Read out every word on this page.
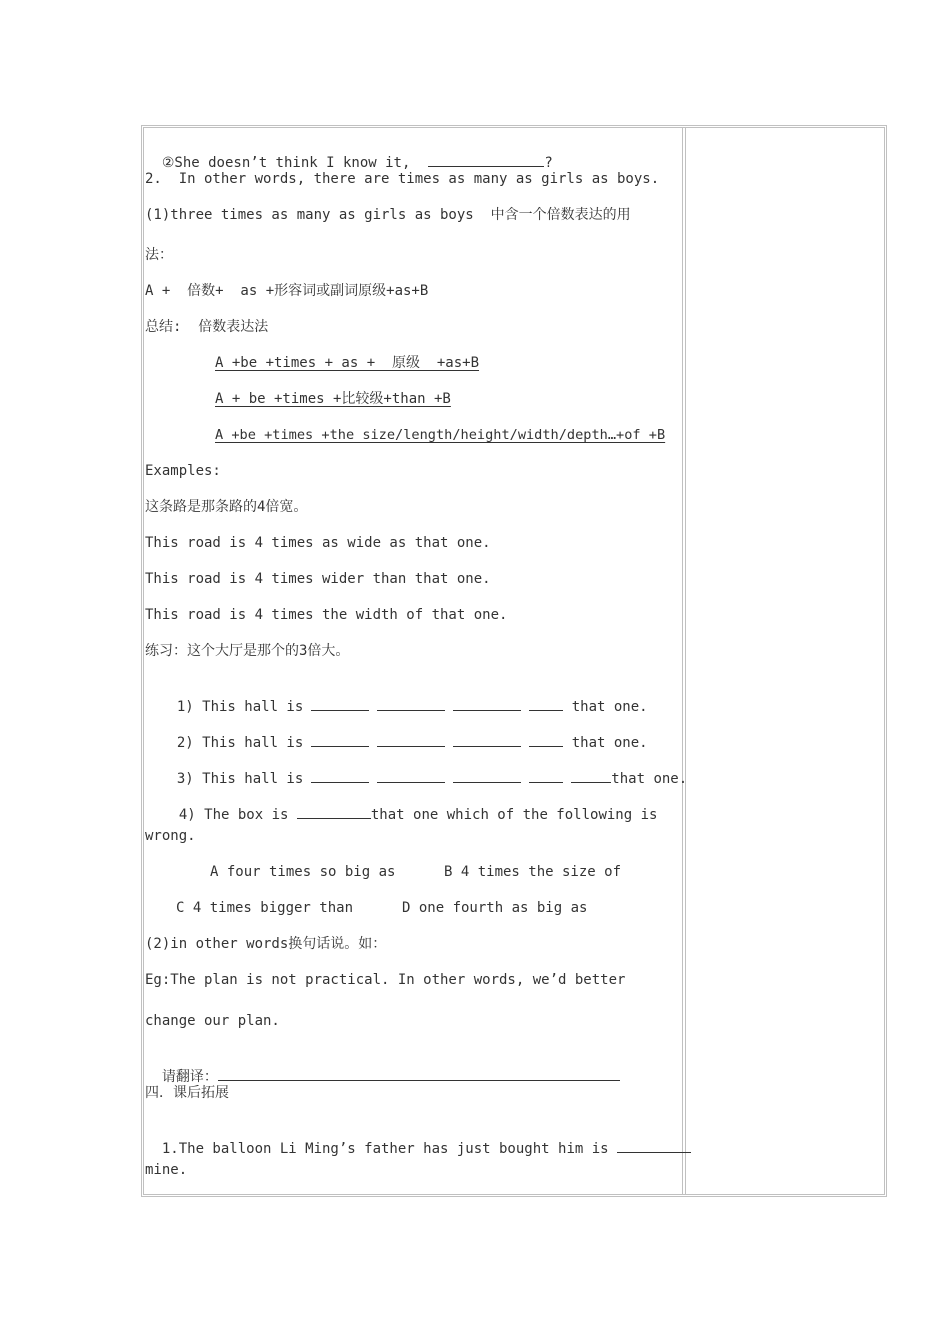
②She doesn’t think I know it,	?

2.  In other words, there are times as many as girls as boys.
(1)three times as many as girls as boys  中含一个倍数表达的用
法：
A +  倍数+  as +形容词或副词原级+as+B
总结:  倍数表达法
A +be +times + as +  原级  +as+B
A + be +times +比较级+than +B
A +be +times +the size/length/height/width/depth…+of +B
Examples:
这条路是那条路的4倍宽。
This road is 4 times as wide as that one.
This road is 4 times wider than that one.
This road is 4 times the width of that one.
练习：这个大厅是那个的3倍大。

1) This hall is	that one.

2) This hall is	that one.

3) This hall is	that one.

4) The box is	that one which of the following is

wrong.
A four times so big as	B 4 times the size of
C 4 times bigger than	D one fourth as big as
(2)in other words换句话说。如：
Eg:The plan is not practical. In other words, we’d better
change our plan.

请翻译：

四．课后拓展

1.The balloon Li Ming’s father has just bought him is

mine.
